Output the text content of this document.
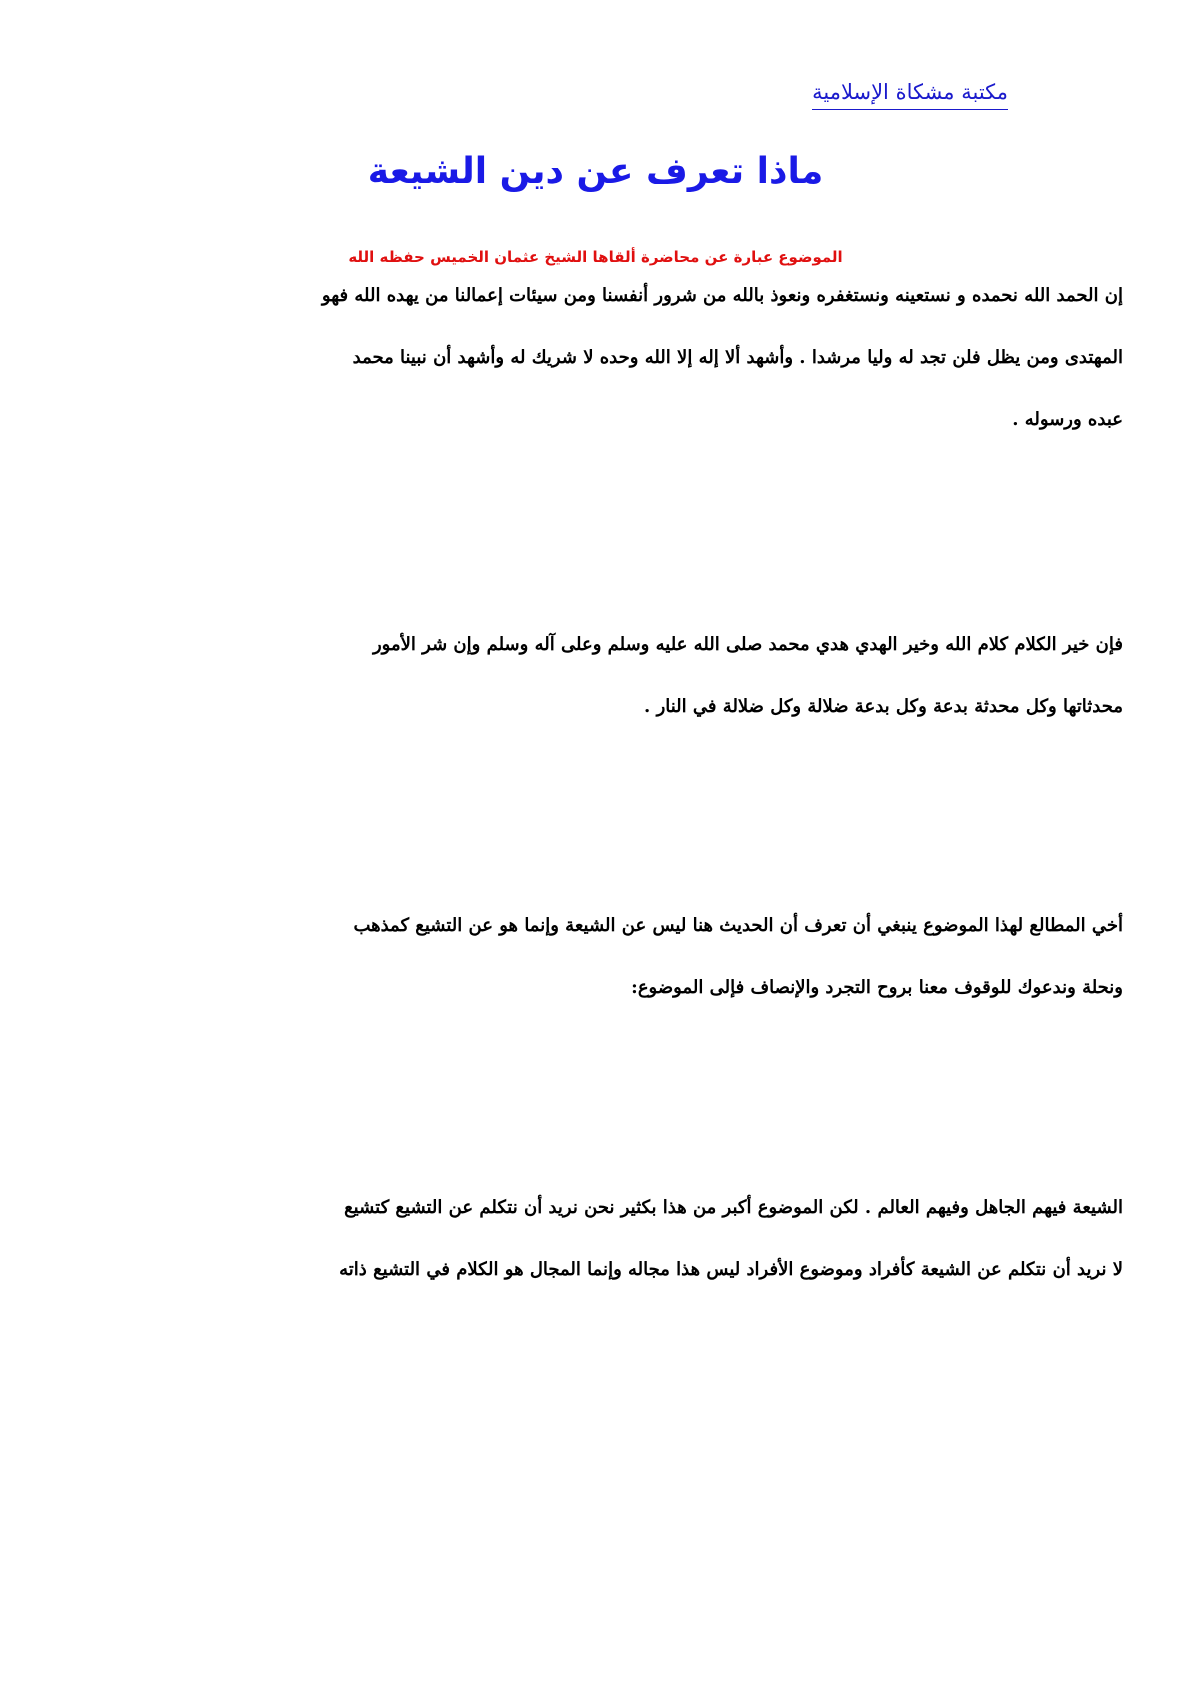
مكتبة مشكاة الإسلامية
ماذا تعرف عن دين الشيعة

الموضوع عبارة عن محاضرة ألقاها الشيخ عثمان الخميس حفظه الله

إن الحمد الله نحمده و نستعينه ونستغفره ونعوذ بالله من شرور أنفسنا ومن سيئات إعمالنا من يهده الله فهو
المهتدى ومن يظل فلن تجد له وليا مرشدا . وأشهد ألا إله إلا الله وحده لا شريك له وأشهد أن نبينا محمد
عبده ورسوله .
فإن خير الكلام كلام الله وخير الهدي هدي محمد صلى الله عليه وسلم وعلى آله وسلم وإن شر الأمور
محدثاتها وكل محدثة بدعة وكل بدعة ضلالة وكل ضلالة في النار .
أخي المطالع لهذا الموضوع ينبغي أن تعرف أن الحديث هنا ليس عن الشيعة وإنما هو عن التشيع كمذهب
ونحلة وندعوك للوقوف معنا بروح التجرد والإنصاف فإلى الموضوع:
الشيعة فيهم الجاهل وفيهم العالم . لكن الموضوع أكبر من هذا بكثير نحن نريد أن نتكلم عن التشيع كتشيع
لا نريد أن نتكلم عن الشيعة كأفراد وموضوع الأفراد ليس هذا مجاله وإنما المجال هو الكلام في التشيع ذاته
